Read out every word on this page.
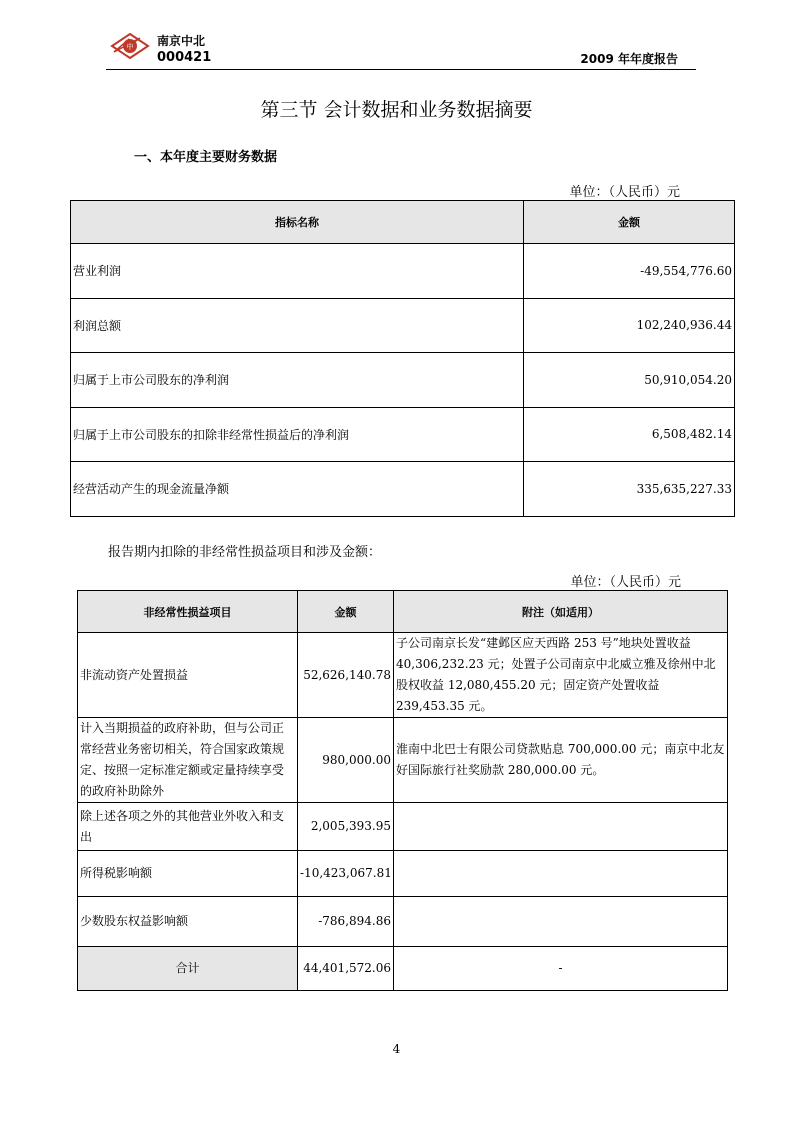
中 南京中北
000421	2009 年年度报告
第三节 会计数据和业务数据摘要
一、本年度主要财务数据
单位：（人民币）元
指标名称	金额
营业利润	-49,554,776.60
利润总额	102,240,936.44
归属于上市公司股东的净利润	50,910,054.20
归属于上市公司股东的扣除非经常性损益后的净利润	6,508,482.14
经营活动产生的现金流量净额	335,635,227.33
报告期内扣除的非经常性损益项目和涉及金额：
单位：（人民币）元
非经常性损益项目	金额	附注（如适用）
非流动资产处置损益	52,626,140.78	子公司南京长发“建邺区应天西路 253 号”地块处置收益 40,306,232.23 元；处置子公司南京中北威立雅及徐州中北股权收益 12,080,455.20 元；固定资产处置收益 239,453.35 元。
计入当期损益的政府补助，但与公司正常经营业务密切相关，符合国家政策规定、按照一定标准定额或定量持续享受的政府补助除外	980,000.00	淮南中北巴士有限公司贷款贴息 700,000.00 元；南京中北友好国际旅行社奖励款 280,000.00 元。
除上述各项之外的其他营业外收入和支出	2,005,393.95	
所得税影响额	-10,423,067.81	
少数股东权益影响额	-786,894.86	
合计	44,401,572.06	-
4
